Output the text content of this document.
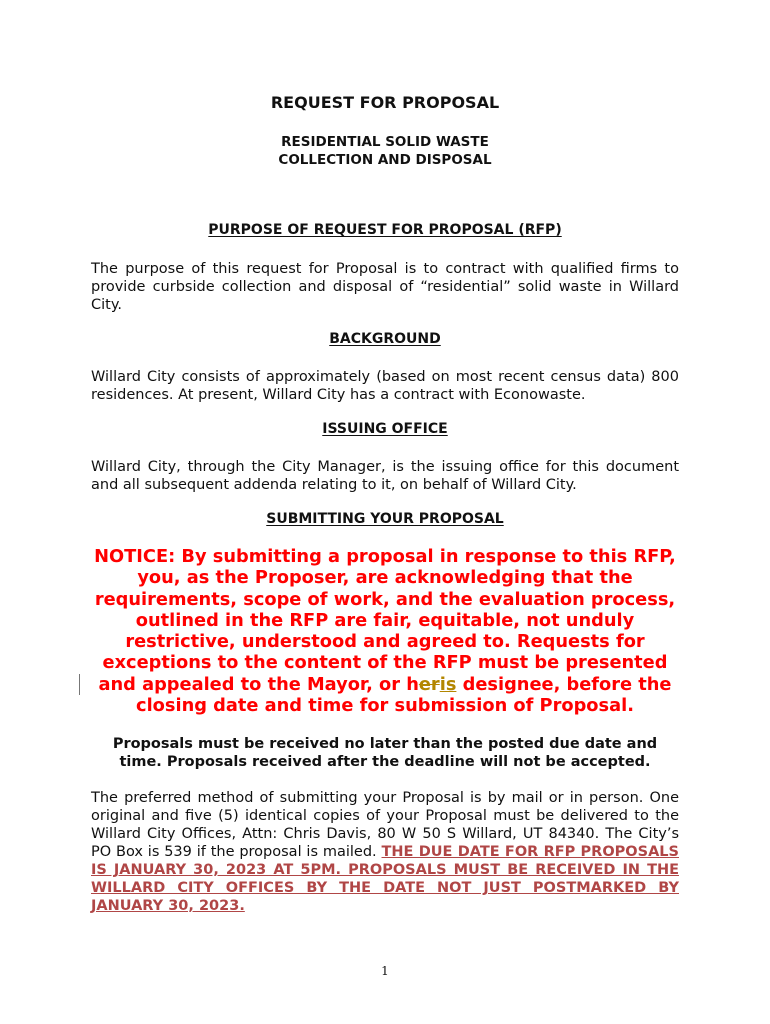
REQUEST FOR PROPOSAL
RESIDENTIAL SOLID WASTE
COLLECTION AND DISPOSAL
PURPOSE OF REQUEST FOR PROPOSAL (RFP)
The purpose of this request for Proposal is to contract with qualified firms to provide curbside collection and disposal of “residential” solid waste in Willard City.
BACKGROUND
Willard City consists of approximately (based on most recent census data) 800 residences. At present, Willard City has a contract with Econowaste.
ISSUING OFFICE
Willard City, through the City Manager, is the issuing office for this document and all subsequent addenda relating to it, on behalf of Willard City.
SUBMITTING YOUR PROPOSAL
NOTICE: By submitting a proposal in response to this RFP, you, as the Proposer, are acknowledging that the requirements, scope of work, and the evaluation process, outlined in the RFP are fair, equitable, not unduly restrictive, understood and agreed to. Requests for exceptions to the content of the RFP must be presented and appealed to the Mayor, or heris designee, before the closing date and time for submission of Proposal.
Proposals must be received no later than the posted due date and time. Proposals received after the deadline will not be accepted.
The preferred method of submitting your Proposal is by mail or in person. One original and five (5) identical copies of your Proposal must be delivered to the Willard City Offices, Attn: Chris Davis, 80 W 50 S Willard, UT 84340. The City’s PO Box is 539 if the proposal is mailed. THE DUE DATE FOR RFP PROPOSALS IS JANUARY 30, 2023 AT 5PM. PROPOSALS MUST BE RECEIVED IN THE WILLARD CITY OFFICES BY THE DATE NOT JUST POSTMARKED BY JANUARY 30, 2023.
1
